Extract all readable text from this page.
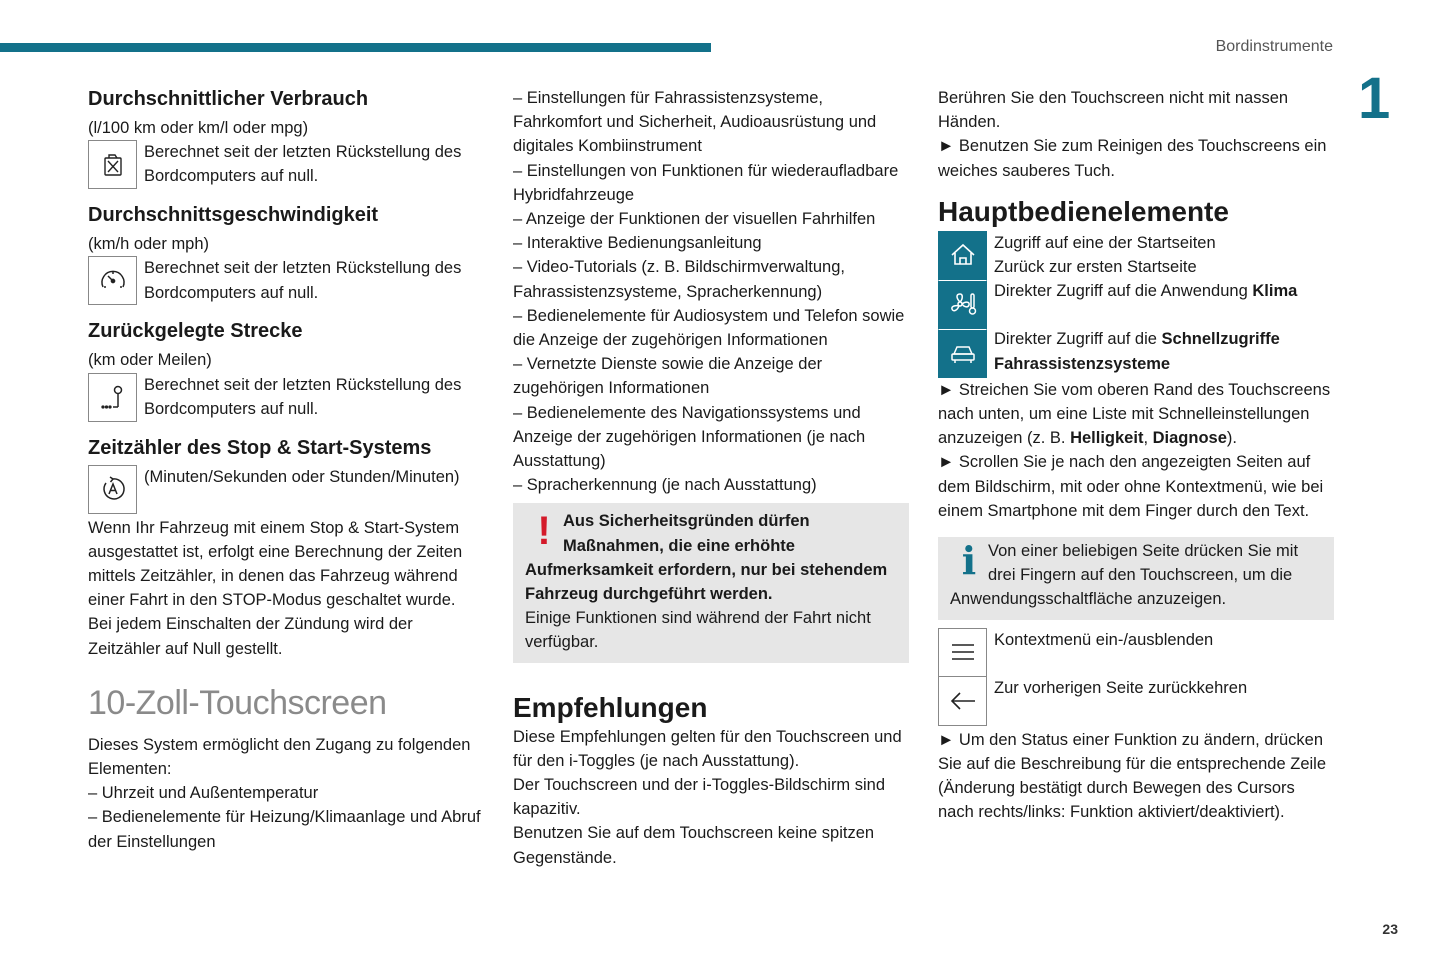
Bordinstrumente
1
23
Durchschnittlicher Verbrauch
(l/100 km oder km/l oder mpg)
Berechnet seit der letzten Rückstellung des Bordcomputers auf null.
Durchschnittsgeschwindigkeit
(km/h oder mph)
Berechnet seit der letzten Rückstellung des Bordcomputers auf null.
Zurückgelegte Strecke
(km oder Meilen)
Berechnet seit der letzten Rückstellung des Bordcomputers auf null.
Zeitzähler des Stop & Start-Systems
(Minuten/Sekunden oder Stunden/Minuten)
Wenn Ihr Fahrzeug mit einem Stop & Start-System ausgestattet ist, erfolgt eine Berechnung der Zeiten mittels Zeitzähler, in denen das Fahrzeug während einer Fahrt in den STOP-Modus geschaltet wurde. Bei jedem Einschalten der Zündung wird der Zeitzähler auf Null gestellt.
10-Zoll-Touchscreen
Dieses System ermöglicht den Zugang zu folgenden Elementen:
– Uhrzeit und Außentemperatur
– Bedienelemente für Heizung/Klimaanlage und Abruf der Einstellungen
– Einstellungen für Fahrassistenzsysteme, Fahrkomfort und Sicherheit, Audioausrüstung und digitales Kombiinstrument
– Einstellungen von Funktionen für wiederaufladbare Hybridfahrzeuge
– Anzeige der Funktionen der visuellen Fahrhilfen
– Interaktive Bedienungsanleitung
– Video-Tutorials (z. B. Bildschirmverwaltung, Fahrassistenzsysteme, Spracherkennung)
– Bedienelemente für Audiosystem und Telefon sowie die Anzeige der zugehörigen Informationen
– Vernetzte Dienste sowie die Anzeige der zugehörigen Informationen
– Bedienelemente des Navigationssystems und Anzeige der zugehörigen Informationen (je nach Ausstattung)
– Spracherkennung (je nach Ausstattung)
! Aus Sicherheitsgründen dürfen Maßnahmen, die eine erhöhte Aufmerksamkeit erfordern, nur bei stehendem Fahrzeug durchgeführt werden.
Einige Funktionen sind während der Fahrt nicht verfügbar.
Empfehlungen
Diese Empfehlungen gelten für den Touchscreen und für den i-Toggles (je nach Ausstattung).
Der Touchscreen und der i-Toggles-Bildschirm sind kapazitiv.
Benutzen Sie auf dem Touchscreen keine spitzen Gegenstände.
Berühren Sie den Touchscreen nicht mit nassen Händen.
► Benutzen Sie zum Reinigen des Touchscreens ein weiches sauberes Tuch.
Hauptbedienelemente
Zugriff auf eine der Startseiten
Zurück zur ersten Startseite
Direkter Zugriff auf die Anwendung Klima
Direkter Zugriff auf die Schnellzugriffe Fahrassistenzsysteme
► Streichen Sie vom oberen Rand des Touchscreens nach unten, um eine Liste mit Schnelleinstellungen anzuzeigen (z. B. Helligkeit, Diagnose).
► Scrollen Sie je nach den angezeigten Seiten auf dem Bildschirm, mit oder ohne Kontextmenü, wie bei einem Smartphone mit dem Finger durch den Text.
i Von einer beliebigen Seite drücken Sie mit drei Fingern auf den Touchscreen, um die Anwendungsschaltfläche anzuzeigen.
Kontextmenü ein-/ausblenden
Zur vorherigen Seite zurückkehren
► Um den Status einer Funktion zu ändern, drücken Sie auf die Beschreibung für die entsprechende Zeile (Änderung bestätigt durch Bewegen des Cursors nach rechts/links: Funktion aktiviert/deaktiviert).
